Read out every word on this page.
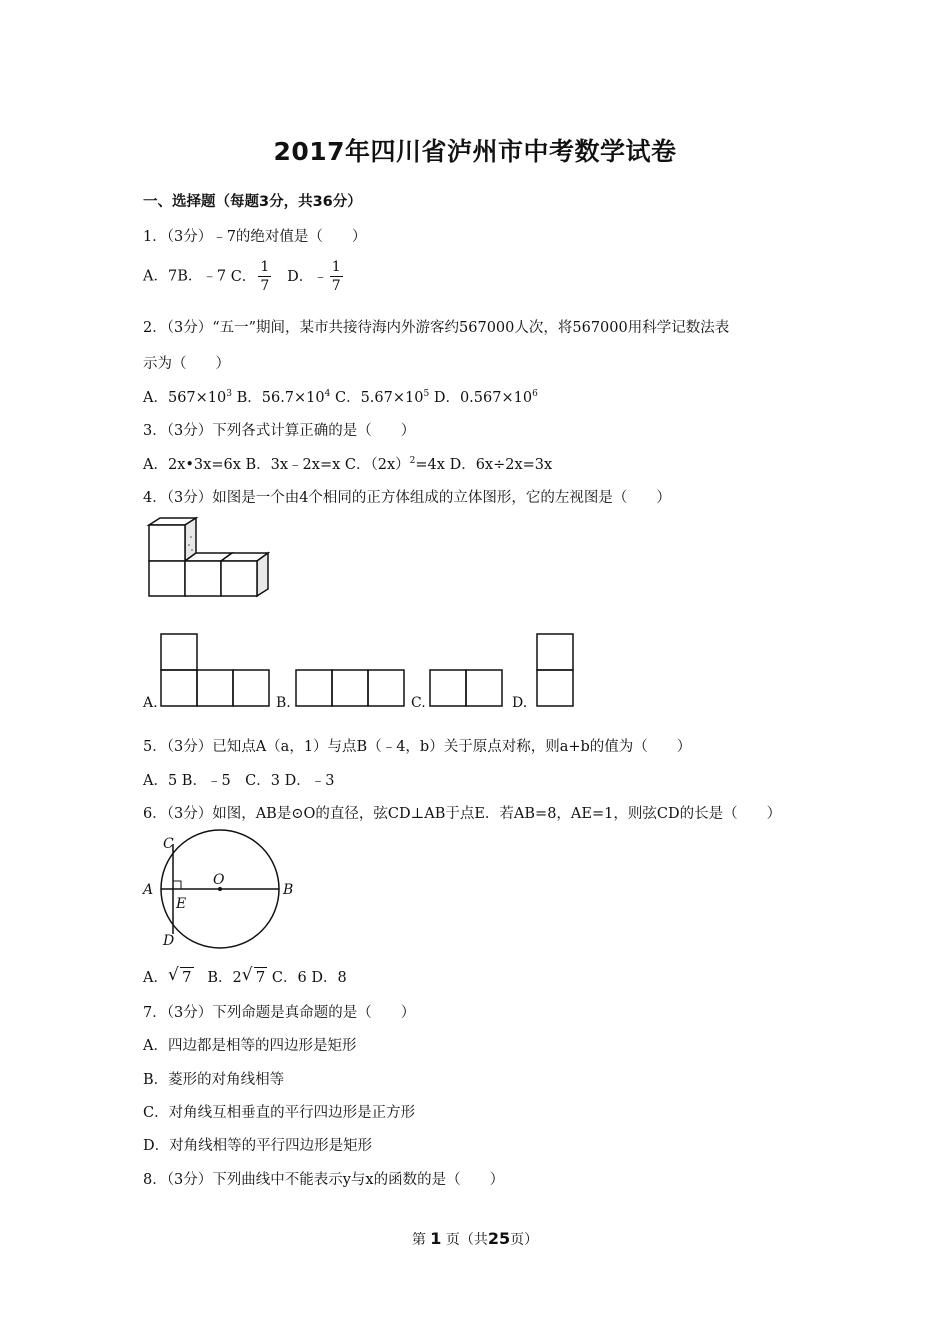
2017年四川省泸州市中考数学试卷
一、选择题（每题3分，共36分）
1．（3分）﹣7的绝对值是（　　）
A．7B．﹣7 C． $\frac{1}{7}$ D．﹣ $\frac{1}{7}$
2．（3分）“五一”期间，某市共接待海内外游客约567000人次，将567000用科学记数法表
示为（　　）
A．$567\times 10^3$ B．$56.7\times 10^4$ C．$5.67\times 10^5$ D．$0.567\times 10^6$
3．（3分）下列各式计算正确的是（　　）
A．2x•3x=6x B．3x﹣2x=x C．$(2x)^2=4x$ D．6x÷2x=3x
4．（3分）如图是一个由4个相同的正方体组成的立体图形，它的左视图是（　　）
A.	B.	C.	D.
5．（3分）已知点A（a，1）与点B（﹣4，b）关于原点对称，则a+b的值为（　　）
A．5 B．﹣5　C．3 D．﹣3
6．（3分）如图，AB是⊙O的直径，弦CD⊥AB于点E．若AB=8，AE=1，则弦CD的长是（　　）
A	B
C
D
E
O
A． √ 7 B．2 √ 7 C．6 D．8
7．（3分）下列命题是真命题的是（　　）
A．四边都是相等的四边形是矩形
B．菱形的对角线相等
C．对角线互相垂直的平行四边形是正方形
D．对角线相等的平行四边形是矩形
8．（3分）下列曲线中不能表示y与x的函数的是（　　）
第 1 页（共25页）
